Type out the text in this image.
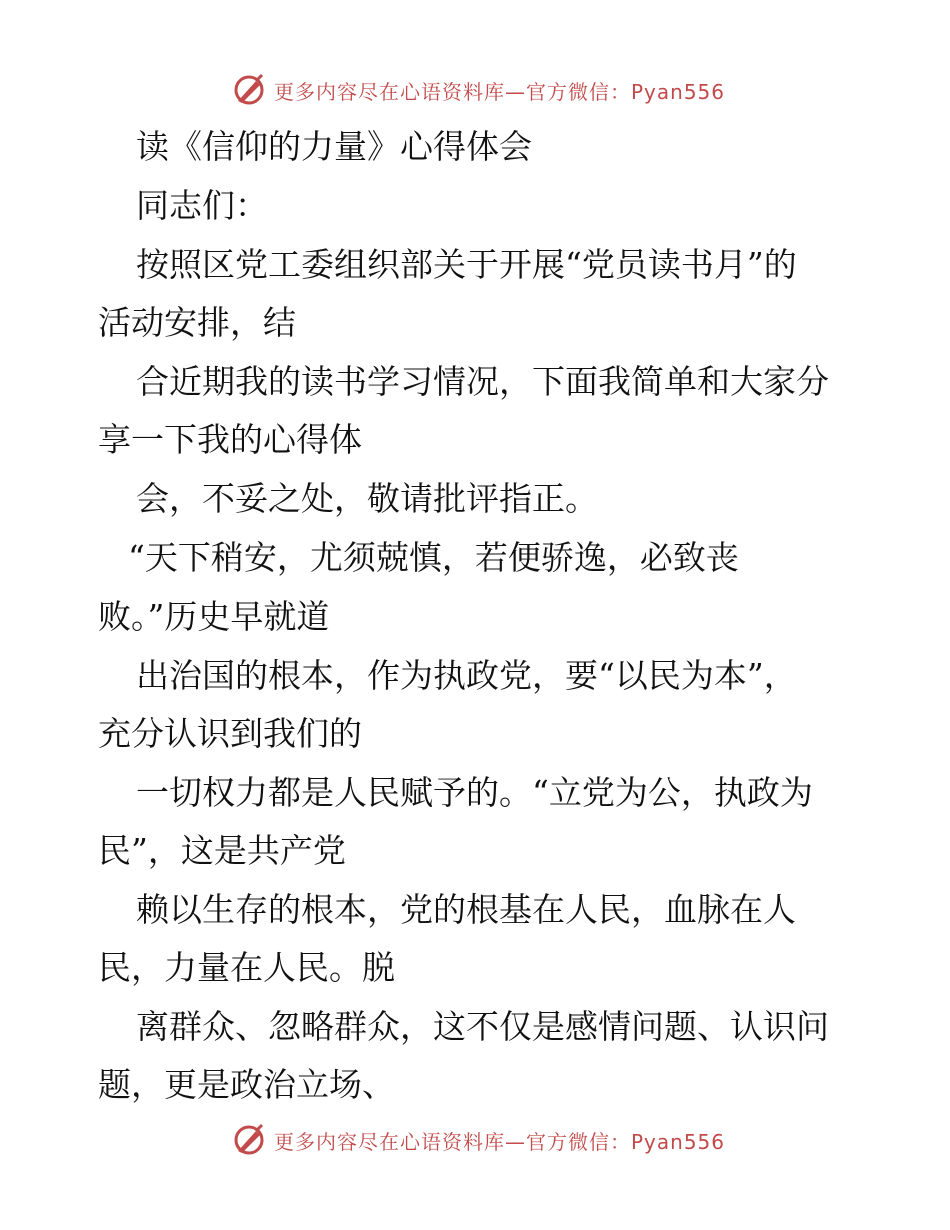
更多内容尽在心语资料库—官方微信：Pyan556
读《信仰的力量》心得体会
同志们：
按照区党工委组织部关于开展“党员读书月”的
活动安排，结
合近期我的读书学习情况，下面我简单和大家分
享一下我的心得体
会，不妥之处，敬请批评指正。
“天下稍安，尤须兢慎，若便骄逸，必致丧
败。”历史早就道
出治国的根本，作为执政党，要“以民为本”，
充分认识到我们的
一切权力都是人民赋予的。“立党为公，执政为
民”，这是共产党
赖以生存的根本，党的根基在人民，血脉在人
民，力量在人民。脱
离群众、忽略群众，这不仅是感情问题、认识问
题，更是政治立场、
更多内容尽在心语资料库—官方微信：Pyan556
